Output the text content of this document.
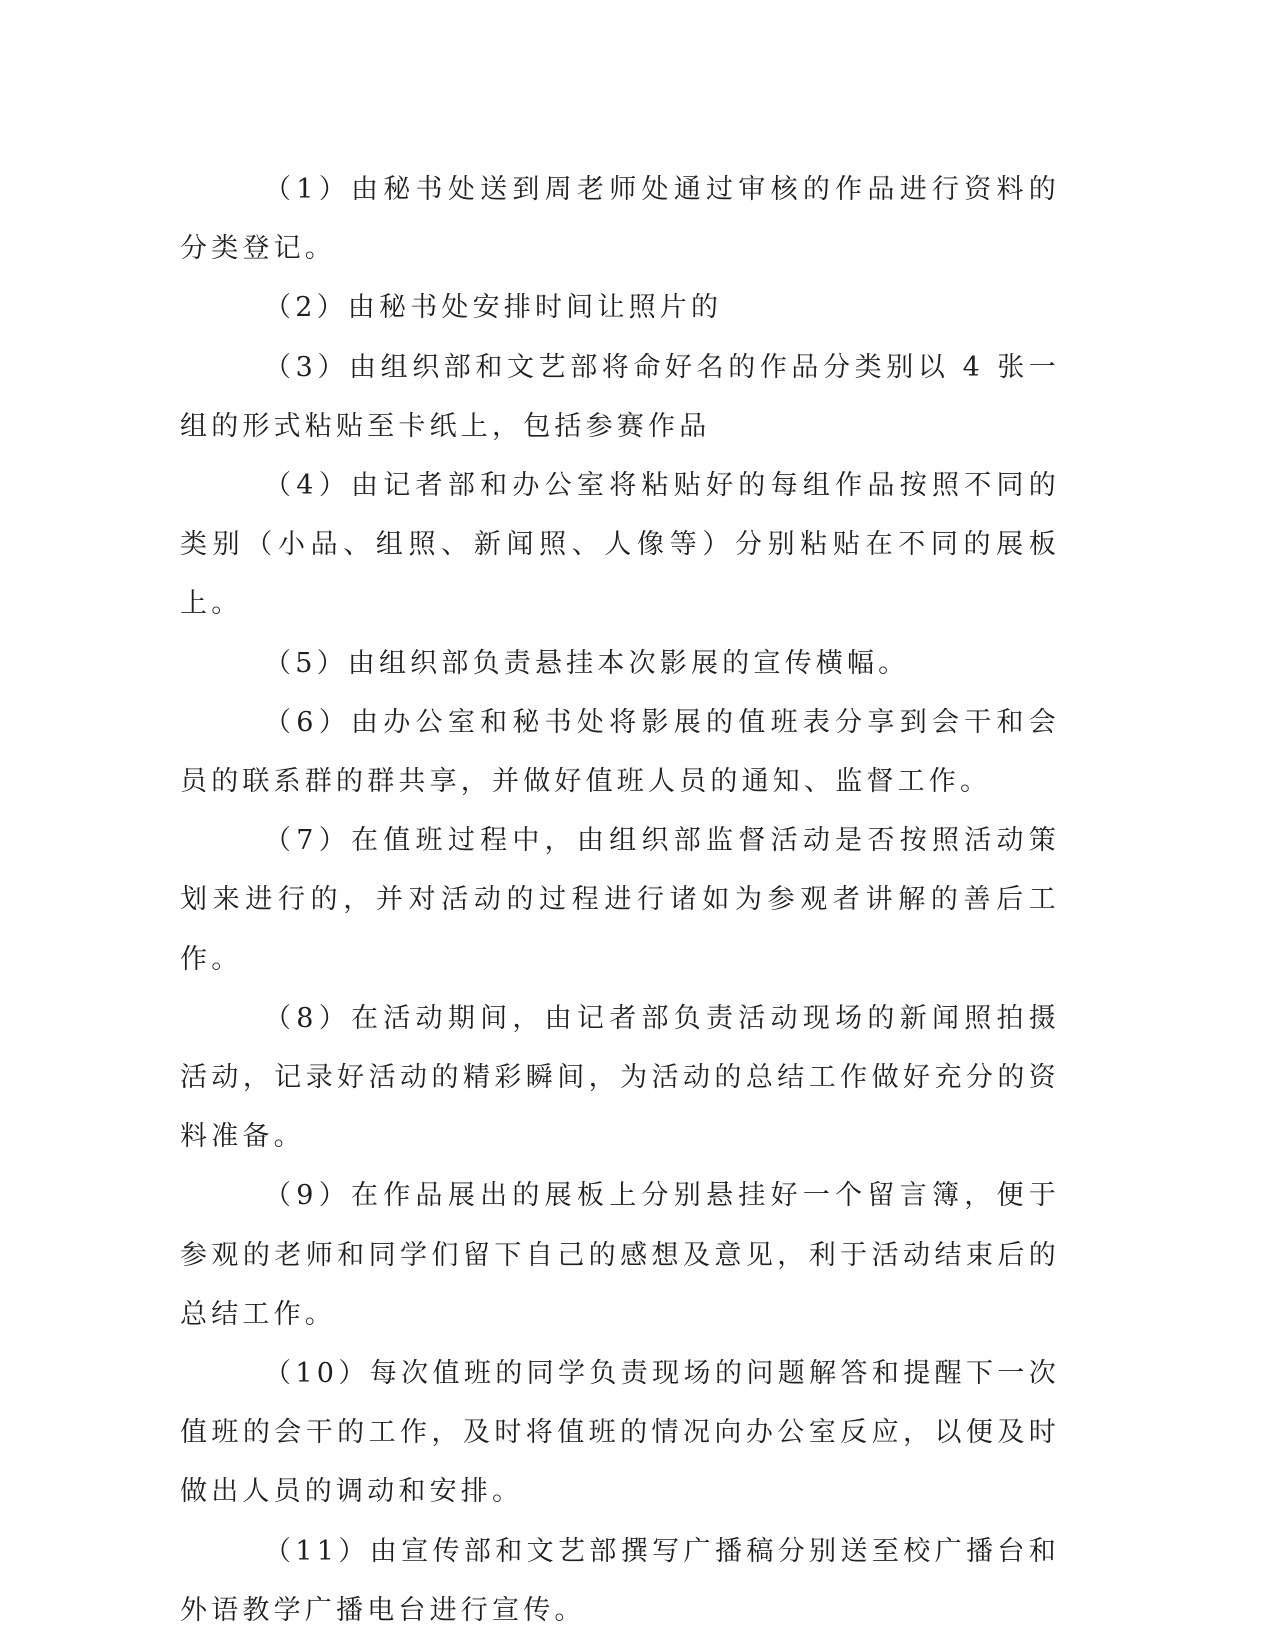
（1）由秘书处送到周老师处通过审核的作品进行资料的分类登记。

（2）由秘书处安排时间让照片的

（3）由组织部和文艺部将命好名的作品分类别以 4 张一组的形式粘贴至卡纸上，包括参赛作品

（4）由记者部和办公室将粘贴好的每组作品按照不同的类别（小品、组照、新闻照、人像等）分别粘贴在不同的展板上。

（5）由组织部负责悬挂本次影展的宣传横幅。

（6）由办公室和秘书处将影展的值班表分享到会干和会员的联系群的群共享，并做好值班人员的通知、监督工作。

（7）在值班过程中，由组织部监督活动是否按照活动策划来进行的，并对活动的过程进行诸如为参观者讲解的善后工作。

（8）在活动期间，由记者部负责活动现场的新闻照拍摄活动，记录好活动的精彩瞬间，为活动的总结工作做好充分的资料准备。

（9）在作品展出的展板上分别悬挂好一个留言簿，便于参观的老师和同学们留下自己的感想及意见，利于活动结束后的总结工作。

（10）每次值班的同学负责现场的问题解答和提醒下一次值班的会干的工作，及时将值班的情况向办公室反应，以便及时做出人员的调动和安排。

（11）由宣传部和文艺部撰写广播稿分别送至校广播台和外语教学广播电台进行宣传。
